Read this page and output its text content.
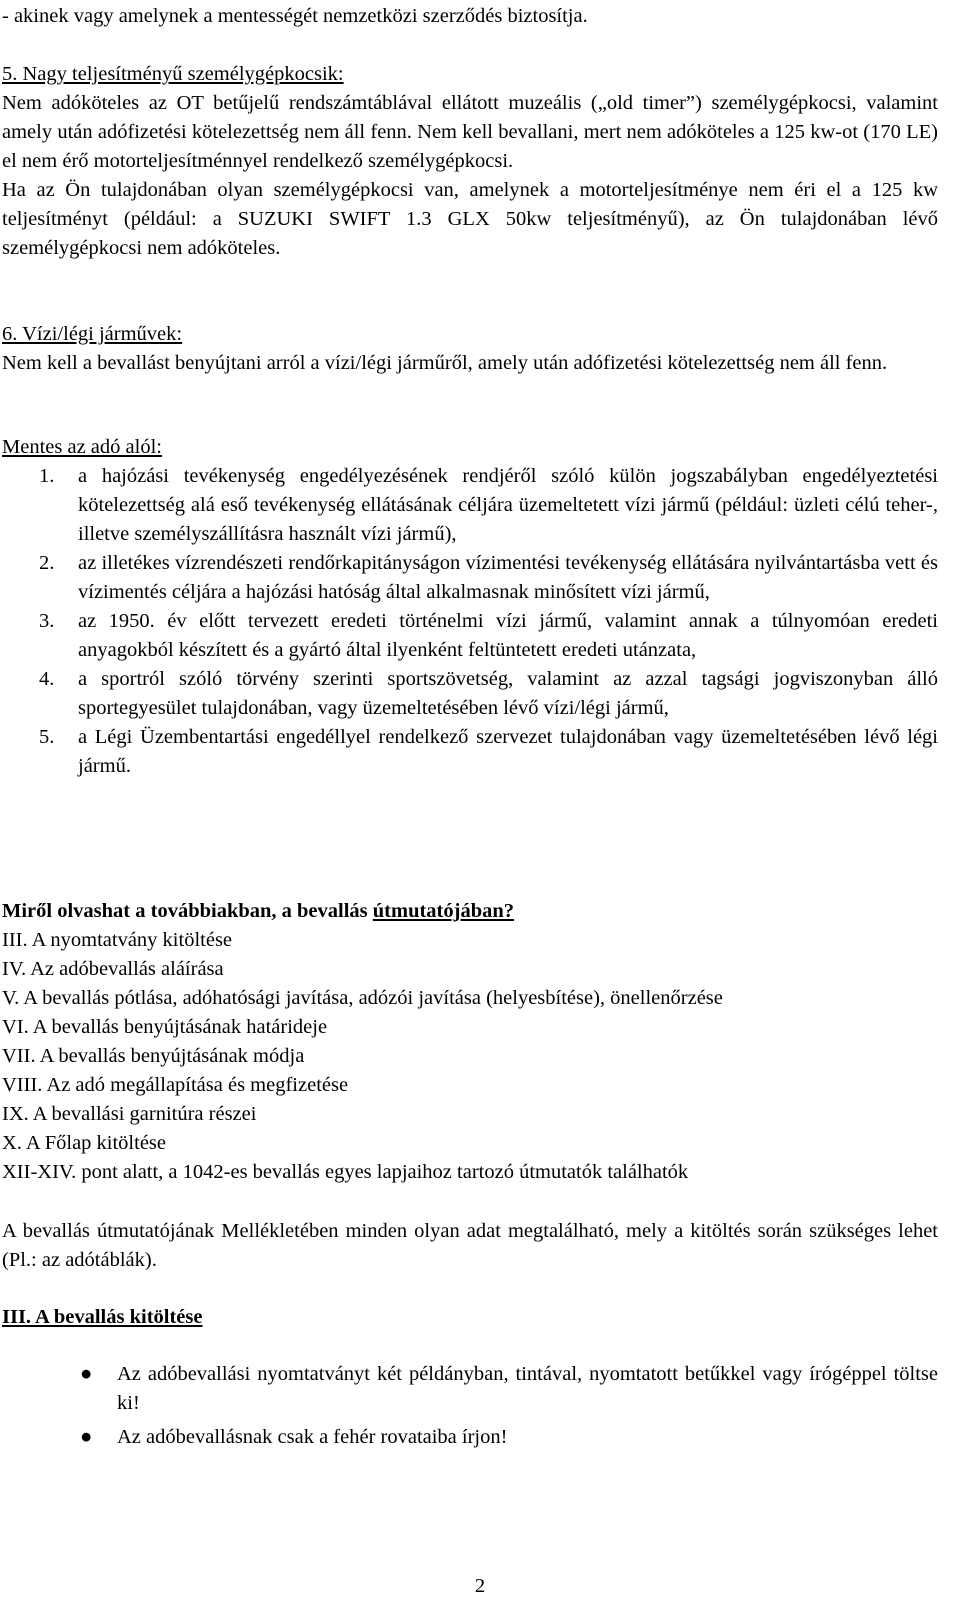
- akinek vagy amelynek a mentességét nemzetközi szerződés biztosítja.

5. Nagy teljesítményű személygépkocsik:

Nem adóköteles az OT betűjelű rendszámtáblával ellátott muzeális („old timer”) személygépkocsi, valamint amely után adófizetési kötelezettség nem áll fenn. Nem kell bevallani, mert nem adóköteles a 125 kw-ot (170 LE) el nem érő motorteljesítménnyel rendelkező személygépkocsi.

Ha az Ön tulajdonában olyan személygépkocsi van, amelynek a motorteljesítménye nem éri el a 125 kw teljesítményt (például: a SUZUKI SWIFT 1.3 GLX 50kw teljesítményű), az Ön tulajdonában lévő személygépkocsi nem adóköteles.

6. Vízi/légi járművek:

Nem kell a bevallást benyújtani arról a vízi/légi járműről, amely után adófizetési kötelezettség nem áll fenn.

Mentes az adó alól:

1. a hajózási tevékenység engedélyezésének rendjéről szóló külön jogszabályban engedélyeztetési kötelezettség alá eső tevékenység ellátásának céljára üzemeltetett vízi jármű (például: üzleti célú teher-, illetve személyszállításra használt vízi jármű),
2. az illetékes vízrendészeti rendőrkapitányságon vízimentési tevékenység ellátására nyilvántartásba vett és vízimentés céljára a hajózási hatóság által alkalmasnak minősített vízi jármű,
3. az 1950. év előtt tervezett eredeti történelmi vízi jármű, valamint annak a túlnyomóan eredeti anyagokból készített és a gyártó által ilyenként feltüntetett eredeti utánzata,
4. a sportról szóló törvény szerinti sportszövetség, valamint az azzal tagsági jogviszonyban álló sportegyesület tulajdonában, vagy üzemeltetésében lévő vízi/légi jármű,
5. a Légi Üzembentartási engedéllyel rendelkező szervezet tulajdonában vagy üzemeltetésében lévő légi jármű.

Miről olvashat a továbbiakban, a bevallás útmutatójában?

III. A nyomtatvány kitöltése

IV. Az adóbevallás aláírása

V. A bevallás pótlása, adóhatósági javítása, adózói javítása (helyesbítése), önellenőrzése

VI. A bevallás benyújtásának határideje

VII. A bevallás benyújtásának módja

VIII. Az adó megállapítása és megfizetése

IX. A bevallási garnitúra részei

X. A Főlap kitöltése

XII-XIV. pont alatt, a 1042-es bevallás egyes lapjaihoz tartozó útmutatók találhatók

A bevallás útmutatójának Mellékletében minden olyan adat megtalálható, mely a kitöltés során szükséges lehet (Pl.: az adótáblák).

III. A bevallás kitöltése

● Az adóbevallási nyomtatványt két példányban, tintával, nyomtatott betűkkel vagy írógéppel töltse ki!
● Az adóbevallásnak csak a fehér rovataiba írjon!
2
